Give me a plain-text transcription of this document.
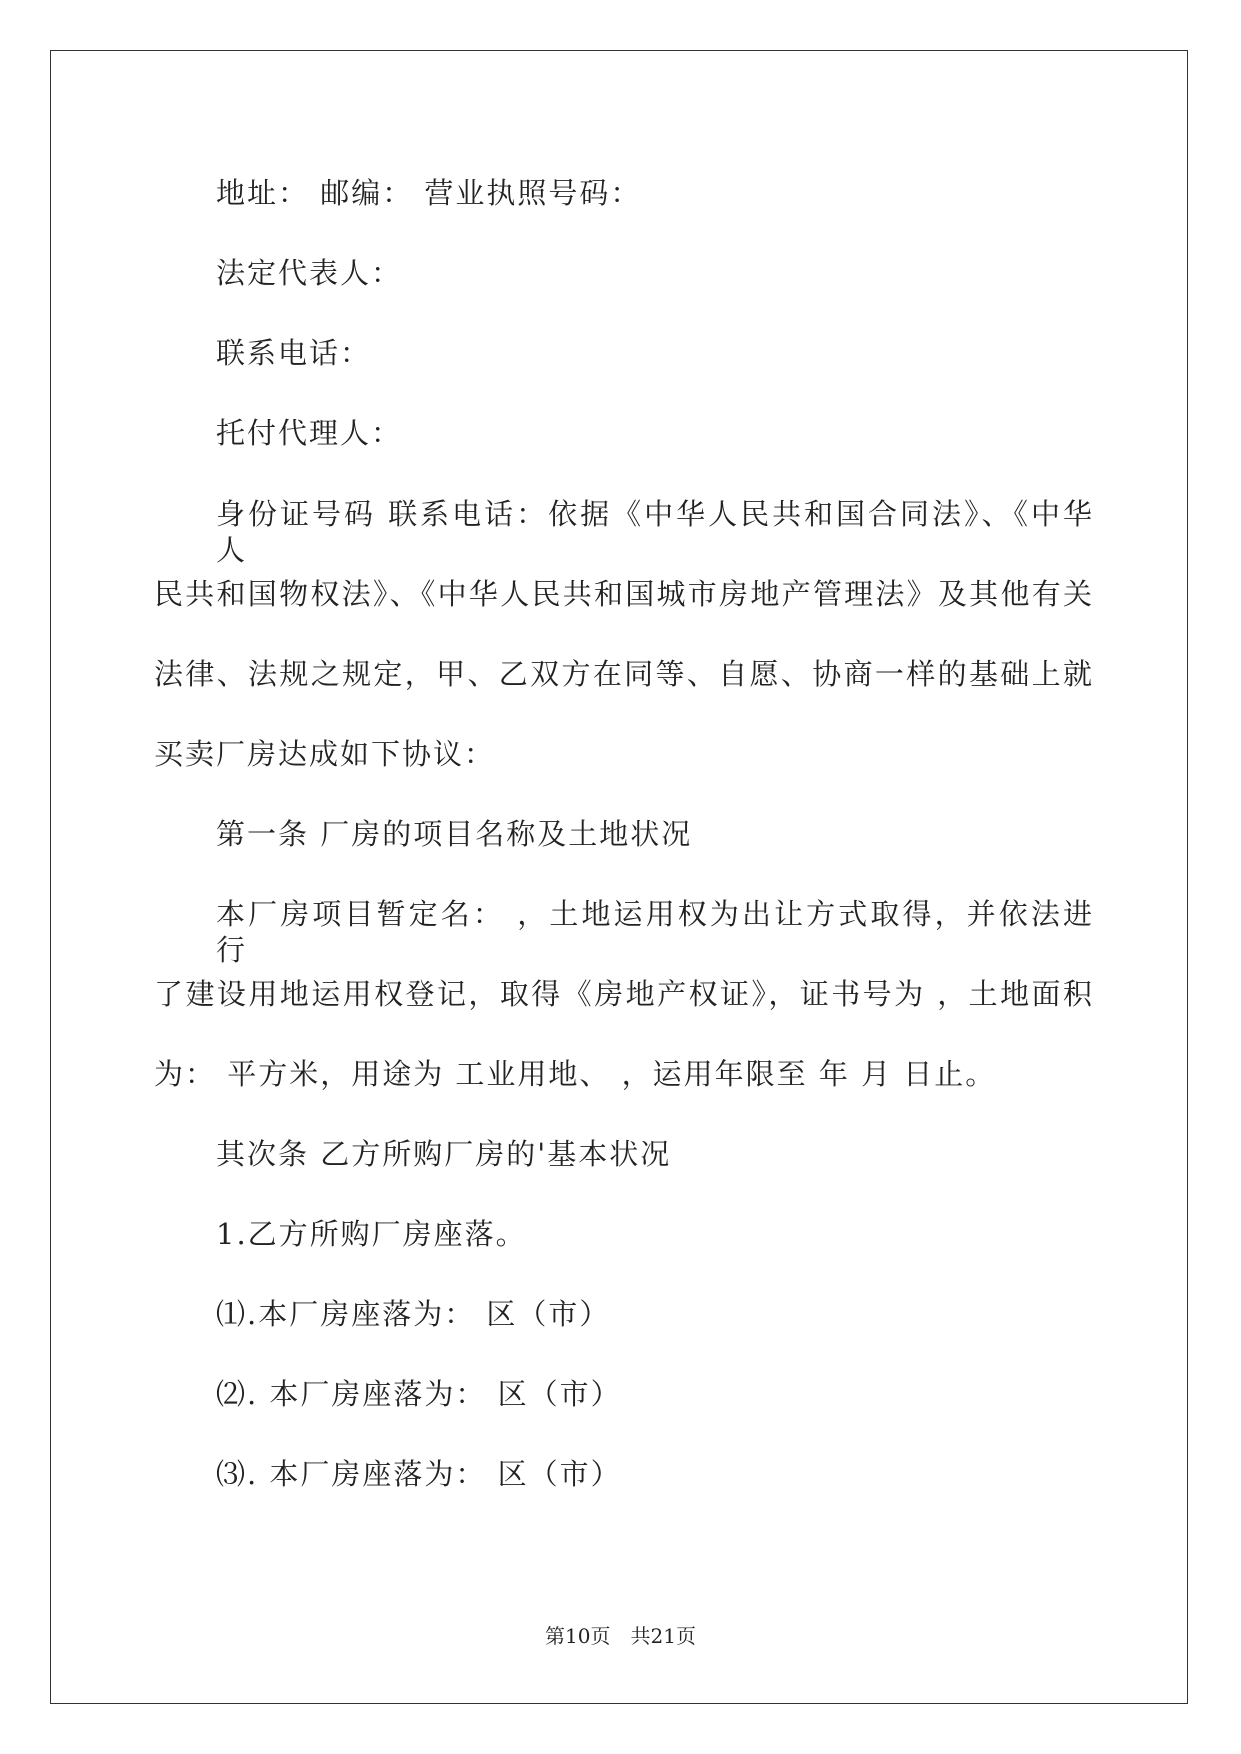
地址： 邮编： 营业执照号码：
法定代表人：
联系电话：
托付代理人：
身份证号码 联系电话：依据《中华人民共和国合同法》、《中华人
民共和国物权法》、《中华人民共和国城市房地产管理法》及其他有关
法律、法规之规定，甲、乙双方在同等、自愿、协商一样的基础上就
买卖厂房达成如下协议：
第一条 厂房的项目名称及土地状况
本厂房项目暂定名： ，土地运用权为出让方式取得，并依法进行
了建设用地运用权登记，取得《房地产权证》，证书号为 ，土地面积
为： 平方米，用途为 工业用地、 ，运用年限至 年 月 日止。
其次条 乙方所购厂房的'基本状况
1.乙方所购厂房座落。
⑴.本厂房座落为： 区（市）
⑵. 本厂房座落为： 区（市）
⑶. 本厂房座落为： 区（市）
第10页 共21页
